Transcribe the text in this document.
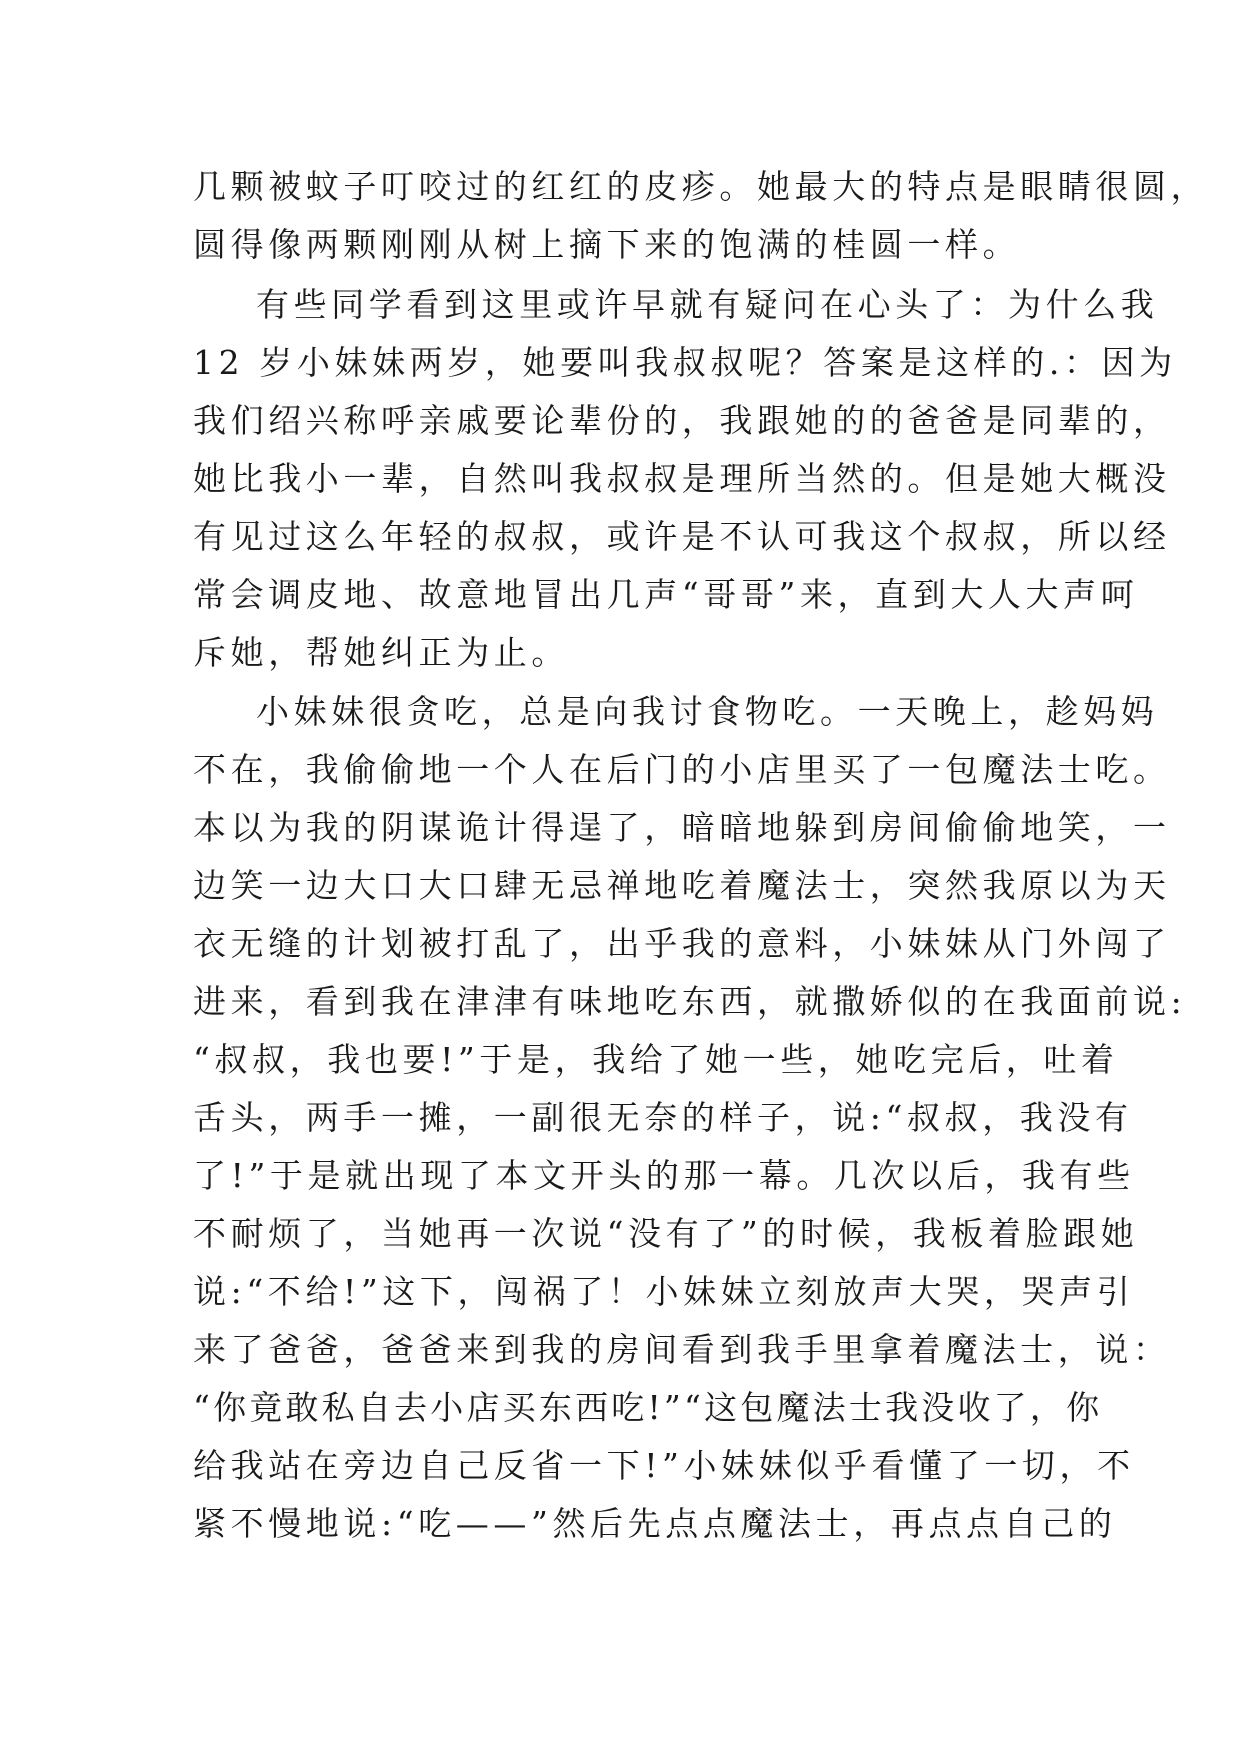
几颗被蚊子叮咬过的红红的皮疹。她最大的特点是眼睛很圆，
圆得像两颗刚刚从树上摘下来的饱满的桂圆一样。
有些同学看到这里或许早就有疑问在心头了：为什么我
12 岁小妹妹两岁，她要叫我叔叔呢？答案是这样的.：因为
我们绍兴称呼亲戚要论辈份的，我跟她的的爸爸是同辈的，
她比我小一辈，自然叫我叔叔是理所当然的。但是她大概没
有见过这么年轻的叔叔，或许是不认可我这个叔叔，所以经
常会调皮地、故意地冒出几声“哥哥”来，直到大人大声呵
斥她，帮她纠正为止。
小妹妹很贪吃，总是向我讨食物吃。一天晚上，趁妈妈
不在，我偷偷地一个人在后门的小店里买了一包魔法士吃。
本以为我的阴谋诡计得逞了，暗暗地躲到房间偷偷地笑，一
边笑一边大口大口肆无忌禅地吃着魔法士，突然我原以为天
衣无缝的计划被打乱了，出乎我的意料，小妹妹从门外闯了
进来，看到我在津津有味地吃东西，就撒娇似的在我面前说:
“叔叔，我也要!”于是，我给了她一些，她吃完后，吐着
舌头，两手一摊，一副很无奈的样子，说:“叔叔，我没有
了!”于是就出现了本文开头的那一幕。几次以后，我有些
不耐烦了，当她再一次说“没有了”的时候，我板着脸跟她
说:“不给!”这下，闯祸了！小妹妹立刻放声大哭，哭声引
来了爸爸，爸爸来到我的房间看到我手里拿着魔法士，说：
“你竟敢私自去小店买东西吃!”“这包魔法士我没收了，你
给我站在旁边自己反省一下!”小妹妹似乎看懂了一切，不
紧不慢地说:“吃——”然后先点点魔法士，再点点自己的
